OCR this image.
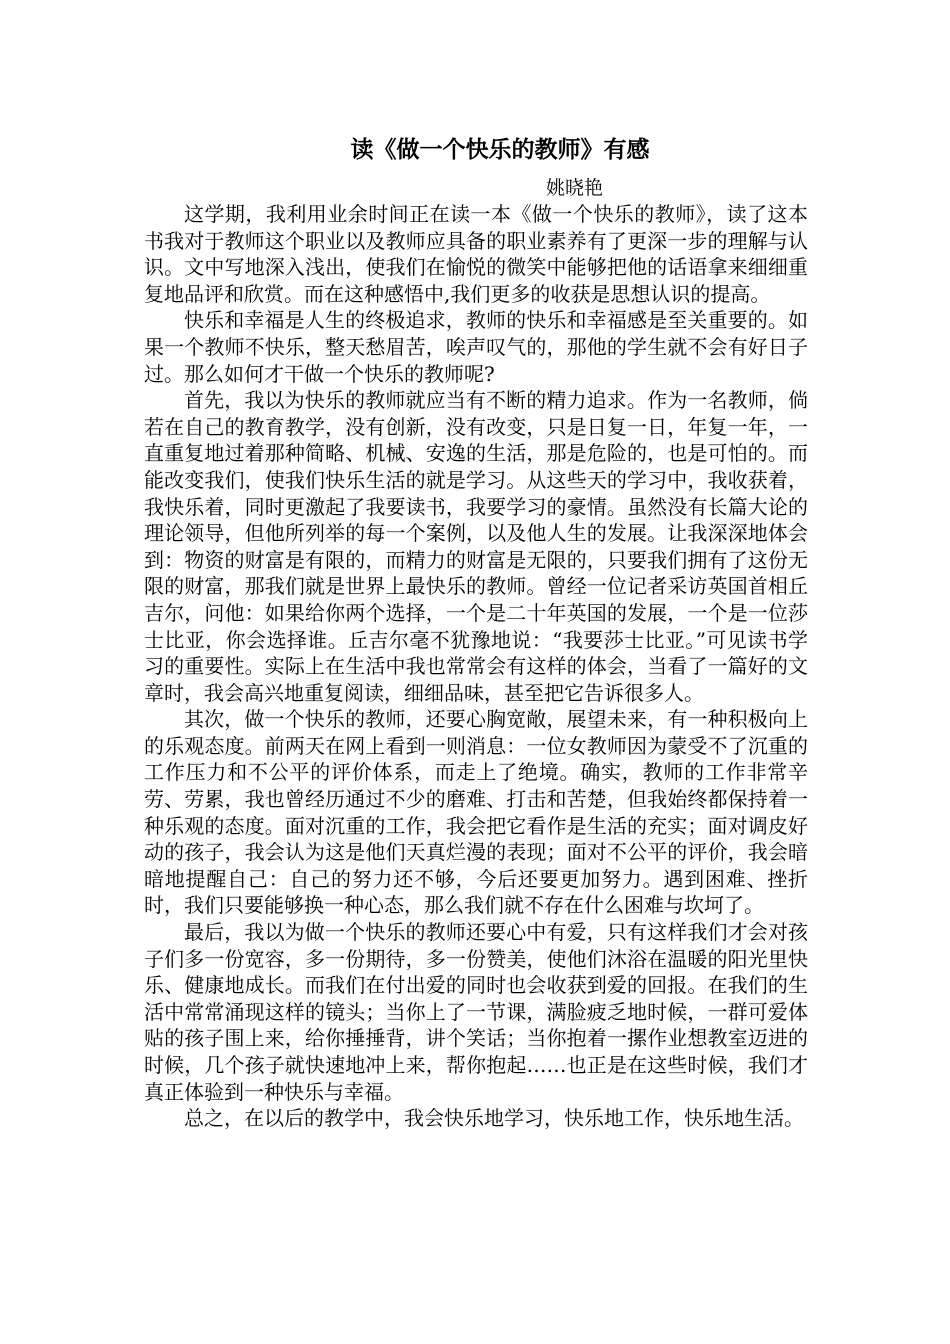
读《做一个快乐的教师》有感
姚晓艳

这学期，我利用业余时间正在读一本《做一个快乐的教师》，读了这本书我对于教师这个职业以及教师应具备的职业素养有了更深一步的理解与认识。文中写地深入浅出，使我们在愉悦的微笑中能够把他的话语拿来细细重复地品评和欣赏。而在这种感悟中,我们更多的收获是思想认识的提高。

快乐和幸福是人生的终极追求，教师的快乐和幸福感是至关重要的。如果一个教师不快乐，整天愁眉苦，唉声叹气的，那他的学生就不会有好日子过。那么如何才干做一个快乐的教师呢?

首先，我以为快乐的教师就应当有不断的精力追求。作为一名教师，倘若在自己的教育教学，没有创新，没有改变，只是日复一日，年复一年，一直重复地过着那种简略、机械、安逸的生活，那是危险的，也是可怕的。而能改变我们，使我们快乐生活的就是学习。从这些天的学习中，我收获着，我快乐着，同时更激起了我要读书，我要学习的豪情。虽然没有长篇大论的理论领导，但他所列举的每一个案例，以及他人生的发展。让我深深地体会到：物资的财富是有限的，而精力的财富是无限的，只要我们拥有了这份无限的财富，那我们就是世界上最快乐的教师。曾经一位记者采访英国首相丘吉尔，问他：如果给你两个选择，一个是二十年英国的发展，一个是一位莎士比亚，你会选择谁。丘吉尔毫不犹豫地说：“我要莎士比亚。”可见读书学习的重要性。实际上在生活中我也常常会有这样的体会，当看了一篇好的文章时，我会高兴地重复阅读，细细品味，甚至把它告诉很多人。

其次，做一个快乐的教师，还要心胸宽敞，展望未来，有一种积极向上的乐观态度。前两天在网上看到一则消息：一位女教师因为蒙受不了沉重的工作压力和不公平的评价体系，而走上了绝境。确实，教师的工作非常辛劳、劳累，我也曾经历通过不少的磨难、打击和苦楚，但我始终都保持着一种乐观的态度。面对沉重的工作，我会把它看作是生活的充实；面对调皮好动的孩子，我会认为这是他们天真烂漫的表现；面对不公平的评价，我会暗暗地提醒自己：自己的努力还不够，今后还要更加努力。遇到困难、挫折时，我们只要能够换一种心态，那么我们就不存在什么困难与坎坷了。

最后，我以为做一个快乐的教师还要心中有爱，只有这样我们才会对孩子们多一份宽容，多一份期待，多一份赞美，使他们沐浴在温暖的阳光里快乐、健康地成长。而我们在付出爱的同时也会收获到爱的回报。在我们的生活中常常涌现这样的镜头；当你上了一节课，满脸疲乏地时候，一群可爱体贴的孩子围上来，给你捶捶背，讲个笑话；当你抱着一摞作业想教室迈进的时候，几个孩子就快速地冲上来，帮你抱起……也正是在这些时候，我们才真正体验到一种快乐与幸福。

总之，在以后的教学中，我会快乐地学习，快乐地工作，快乐地生活。
